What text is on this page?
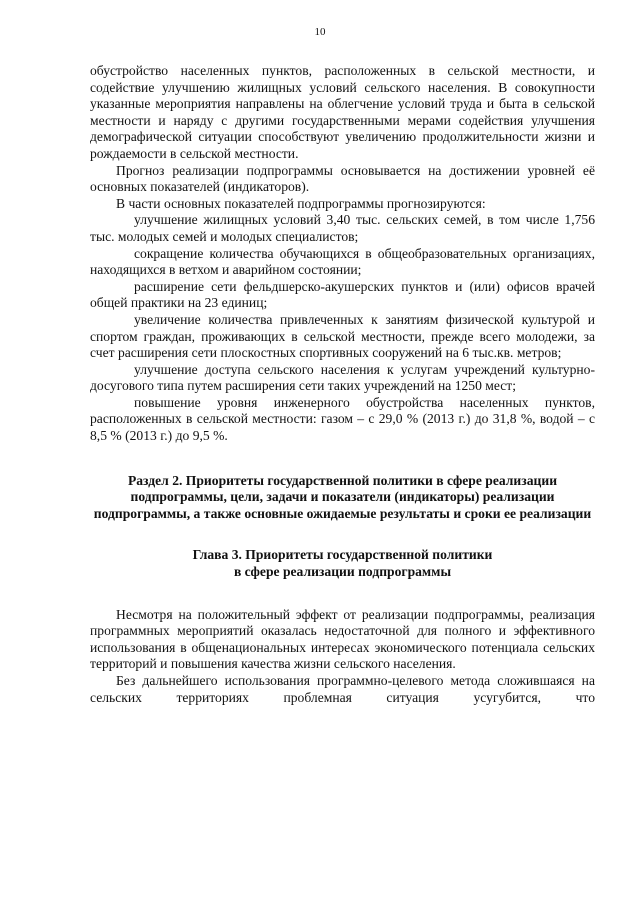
10

обустройство населенных пунктов, расположенных в сельской местности, и содействие улучшению жилищных условий сельского населения. В совокупности указанные мероприятия направлены на облегчение условий труда и быта в сельской местности и наряду с другими государственными мерами содействия улучшения демографической ситуации способствуют увеличению продолжительности жизни и рождаемости в сельской местности.

Прогноз реализации подпрограммы основывается на достижении уровней её основных показателей (индикаторов).

В части основных показателей подпрограммы прогнозируются:

улучшение жилищных условий 3,40 тыс. сельских семей, в том числе 1,756 тыс. молодых семей и молодых специалистов;

сокращение количества обучающихся в общеобразовательных организациях, находящихся в ветхом и аварийном состоянии;

расширение сети фельдшерско-акушерских пунктов и (или) офисов врачей общей практики на 23 единиц;

увеличение количества привлеченных к занятиям физической культурой и спортом граждан, проживающих в сельской местности, прежде всего молодежи, за счет расширения сети плоскостных спортивных сооружений на 6 тыс.кв. метров;

улучшение доступа сельского населения к услугам учреждений культурно-досугового типа путем расширения сети таких учреждений на 1250 мест;

повышение уровня инженерного обустройства населенных пунктов, расположенных в сельской местности: газом – с 29,0 % (2013 г.) до 31,8 %, водой – с 8,5 % (2013 г.) до 9,5 %.

Раздел 2. Приоритеты государственной политики в сфере реализации подпрограммы, цели, задачи и показатели (индикаторы) реализации подпрограммы, а также основные ожидаемые результаты и сроки ее реализации
Глава 3. Приоритеты государственной политики
в сфере реализации подпрограммы

Несмотря на положительный эффект от реализации подпрограммы, реализация программных мероприятий оказалась недостаточной для полного и эффективного использования в общенациональных интересах экономического потенциала сельских территорий и повышения качества жизни сельского населения.

Без дальнейшего использования программно-целевого метода сложившаяся на сельских территориях проблемная ситуация усугубится, что
